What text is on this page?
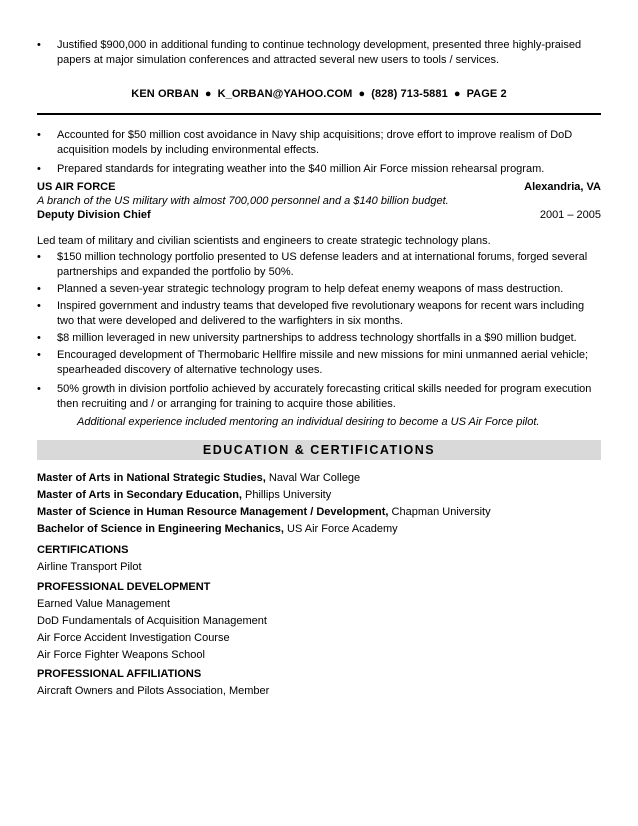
• Justified $900,000 in additional funding to continue technology development, presented three highly-praised papers at major simulation conferences and attracted several new users to tools / services.
KEN ORBAN ● K_ORBAN@YAHOO.COM ● (828) 713-5881 ● PAGE 2
• Accounted for $50 million cost avoidance in Navy ship acquisitions; drove effort to improve realism of DoD acquisition models by including environmental effects.
• Prepared standards for integrating weather into the $40 million Air Force mission rehearsal program.
US AIR FORCE	Alexandria, VA
A branch of the US military with almost 700,000 personnel and a $140 billion budget.
Deputy Division Chief	2001 – 2005
Led team of military and civilian scientists and engineers to create strategic technology plans.
• $150 million technology portfolio presented to US defense leaders and at international forums, forged several partnerships and expanded the portfolio by 50%.
• Planned a seven-year strategic technology program to help defeat enemy weapons of mass destruction.
• Inspired government and industry teams that developed five revolutionary weapons for recent wars including two that were developed and delivered to the warfighters in six months.
• $8 million leveraged in new university partnerships to address technology shortfalls in a $90 million budget.
• Encouraged development of Thermobaric Hellfire missile and new missions for mini unmanned aerial vehicle; spearheaded discovery of alternative technology uses.
• 50% growth in division portfolio achieved by accurately forecasting critical skills needed for program execution then recruiting and / or arranging for training to acquire those abilities.
Additional experience included mentoring an individual desiring to become a US Air Force pilot.
EDUCATION & CERTIFICATIONS
Master of Arts in National Strategic Studies, Naval War College
Master of Arts in Secondary Education, Phillips University
Master of Science in Human Resource Management / Development, Chapman University
Bachelor of Science in Engineering Mechanics, US Air Force Academy
CERTIFICATIONS
Airline Transport Pilot
PROFESSIONAL DEVELOPMENT
Earned Value Management
DoD Fundamentals of Acquisition Management
Air Force Accident Investigation Course
Air Force Fighter Weapons School
PROFESSIONAL AFFILIATIONS
Aircraft Owners and Pilots Association, Member
